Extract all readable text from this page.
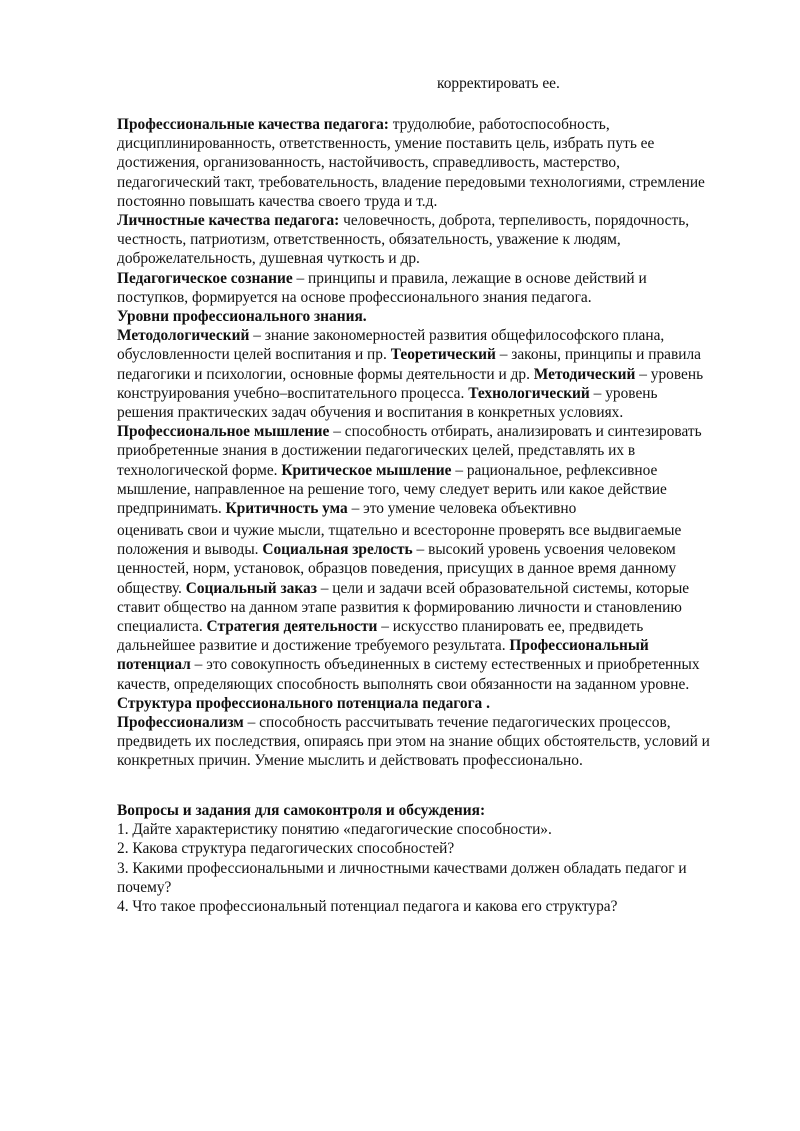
корректировать ее.
Профессиональные качества педагога: трудолюбие, работоспособность,
дисциплинированность, ответственность, умение поставить цель, избрать путь ее
достижения, организованность, настойчивость, справедливость, мастерство,
педагогический такт, требовательность, владение передовыми технологиями, стремление
постоянно повышать качества своего труда и т.д.
Личностные качества педагога: человечность, доброта, терпеливость, порядочность,
честность, патриотизм, ответственность, обязательность, уважение к людям,
доброжелательность, душевная чуткость и др.
Педагогическое сознание – принципы и правила, лежащие в основе действий и
поступков, формируется на основе профессионального знания педагога.
Уровни профессионального знания.
Методологический – знание закономерностей развития общефилософского плана,
обусловленности целей воспитания и пр. Теоретический – законы, принципы и правила
педагогики и психологии, основные формы деятельности и др. Методический – уровень
конструирования учебно–воспитательного процесса. Технологический – уровень
решения практических задач обучения и воспитания в конкретных условиях.
Профессиональное мышление – способность отбирать, анализировать и синтезировать
приобретенные знания в достижении педагогических целей, представлять их в
технологической форме. Критическое мышление – рациональное, рефлексивное
мышление, направленное на решение того, чему следует верить или какое действие
предпринимать. Критичность ума – это умение человека объективно
оценивать свои и чужие мысли, тщательно и всесторонне проверять все выдвигаемые
положения и выводы. Социальная зрелость – высокий уровень усвоения человеком
ценностей, норм, установок, образцов поведения, присущих в данное время данному
обществу. Социальный заказ – цели и задачи всей образовательной системы, которые
ставит общество на данном этапе развития к формированию личности и становлению
специалиста. Стратегия деятельности – искусство планировать ее, предвидеть
дальнейшее развитие и достижение требуемого результата. Профессиональный
потенциал – это совокупность объединенных в систему естественных и приобретенных
качеств, определяющих способность выполнять свои обязанности на заданном уровне.
Структура профессионального потенциала педагога .
Профессионализм – способность рассчитывать течение педагогических процессов,
предвидеть их последствия, опираясь при этом на знание общих обстоятельств, условий и
конкретных причин. Умение мыслить и действовать профессионально.
Вопросы и задания для самоконтроля и обсуждения:
1. Дайте характеристику понятию «педагогические способности».
2. Какова структура педагогических способностей?
3. Какими профессиональными и личностными качествами должен обладать педагог и
почему?
4. Что такое профессиональный потенциал педагога и какова его структура?
